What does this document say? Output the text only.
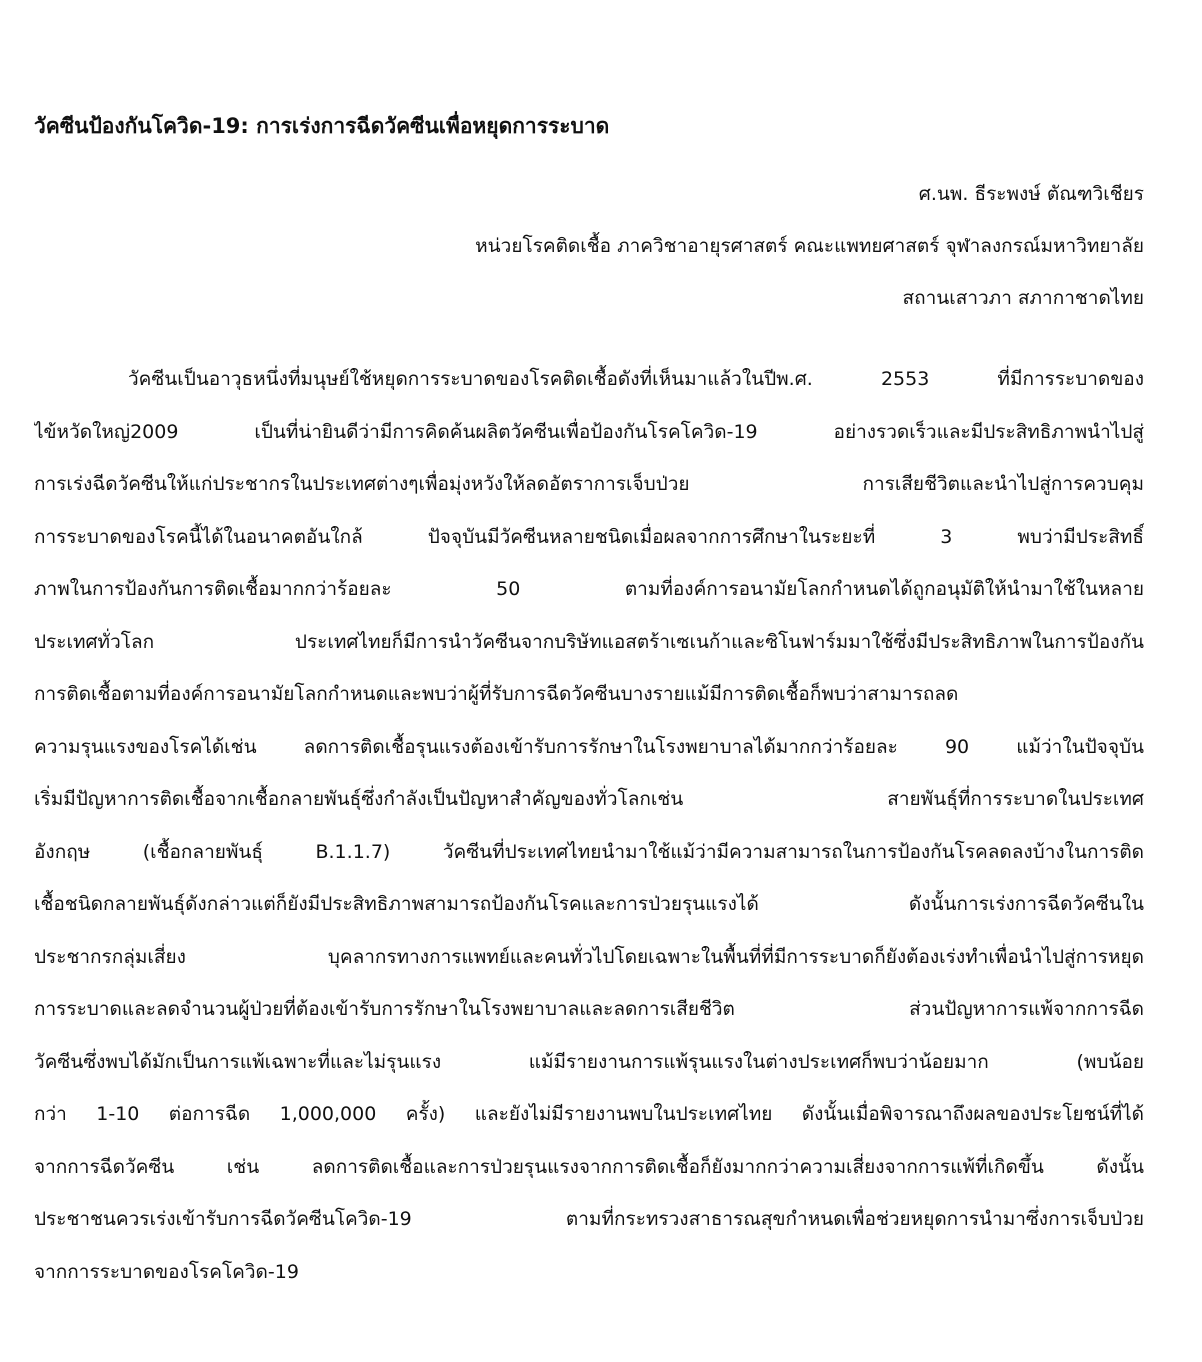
วัคซีนป้องกันโควิด-19: การเร่งการฉีดวัคซีนเพื่อหยุดการระบาด
ศ.นพ. ธีระพงษ์ ตัณฑวิเชียร
หน่วยโรคติดเชื้อ ภาควิชาอายุรศาสตร์ คณะแพทยศาสตร์ จุฬาลงกรณ์มหาวิทยาลัย
สถานเสาวภา สภากาชาดไทย
วัคซีนเป็นอาวุธหนึ่งที่มนุษย์ใช้หยุดการระบาดของโรคติดเชื้อดังที่เห็นมาแล้วในปีพ.ศ. 2553 ที่มีการระบาดของ
ไข้หวัดใหญ่2009 เป็นที่น่ายินดีว่ามีการคิดค้นผลิตวัคซีนเพื่อป้องกันโรคโควิด-19 อย่างรวดเร็วและมีประสิทธิภาพนำไปสู่
การเร่งฉีดวัคซีนให้แก่ประชากรในประเทศต่างๆเพื่อมุ่งหวังให้ลดอัตราการเจ็บป่วย การเสียชีวิตและนำไปสู่การควบคุม
การระบาดของโรคนี้ได้ในอนาคตอันใกล้ ปัจจุบันมีวัคซีนหลายชนิดเมื่อผลจากการศึกษาในระยะที่ 3 พบว่ามีประสิทธิ์
ภาพในการป้องกันการติดเชื้อมากกว่าร้อยละ 50 ตามที่องค์การอนามัยโลกกำหนดได้ถูกอนุมัติให้นำมาใช้ในหลาย
ประเทศทั่วโลก ประเทศไทยก็มีการนำวัคซีนจากบริษัทแอสตร้าเซเนก้าและซิโนฟาร์มมาใช้ซึ่งมีประสิทธิภาพในการป้องกัน
การติดเชื้อตามที่องค์การอนามัยโลกกำหนดและพบว่าผู้ที่รับการฉีดวัคซีนบางรายแม้มีการติดเชื้อก็พบว่าสามารถลด
ความรุนแรงของโรคได้เช่น ลดการติดเชื้อรุนแรงต้องเข้ารับการรักษาในโรงพยาบาลได้มากกว่าร้อยละ 90 แม้ว่าในปัจจุบัน
เริ่มมีปัญหาการติดเชื้อจากเชื้อกลายพันธุ์ซึ่งกำลังเป็นปัญหาสำคัญของทั่วโลกเช่น สายพันธุ์ที่การระบาดในประเทศ
อังกฤษ (เชื้อกลายพันธุ์ B.1.1.7) วัคซีนที่ประเทศไทยนำมาใช้แม้ว่ามีความสามารถในการป้องกันโรคลดลงบ้างในการติด
เชื้อชนิดกลายพันธุ์ดังกล่าวแต่ก็ยังมีประสิทธิภาพสามารถป้องกันโรคและการป่วยรุนแรงได้ ดังนั้นการเร่งการฉีดวัคซีนใน
ประชากรกลุ่มเสี่ยง บุคลากรทางการแพทย์และคนทั่วไปโดยเฉพาะในพื้นที่ที่มีการระบาดก็ยังต้องเร่งทำเพื่อนำไปสู่การหยุด
การระบาดและลดจำนวนผู้ป่วยที่ต้องเข้ารับการรักษาในโรงพยาบาลและลดการเสียชีวิต ส่วนปัญหาการแพ้จากการฉีด
วัคซีนซึ่งพบได้มักเป็นการแพ้เฉพาะที่และไม่รุนแรง แม้มีรายงานการแพ้รุนแรงในต่างประเทศก็พบว่าน้อยมาก (พบน้อย
กว่า 1-10 ต่อการฉีด 1,000,000 ครั้ง) และยังไม่มีรายงานพบในประเทศไทย ดังนั้นเมื่อพิจารณาถึงผลของประโยชน์ที่ได้
จากการฉีดวัคซีน เช่น ลดการติดเชื้อและการป่วยรุนแรงจากการติดเชื้อก็ยังมากกว่าความเสี่ยงจากการแพ้ที่เกิดขึ้น ดังนั้น
ประชาชนควรเร่งเข้ารับการฉีดวัคซีนโควิด-19 ตามที่กระทรวงสาธารณสุขกำหนดเพื่อช่วยหยุดการนำมาซึ่งการเจ็บป่วย
จากการระบาดของโรคโควิด-19
